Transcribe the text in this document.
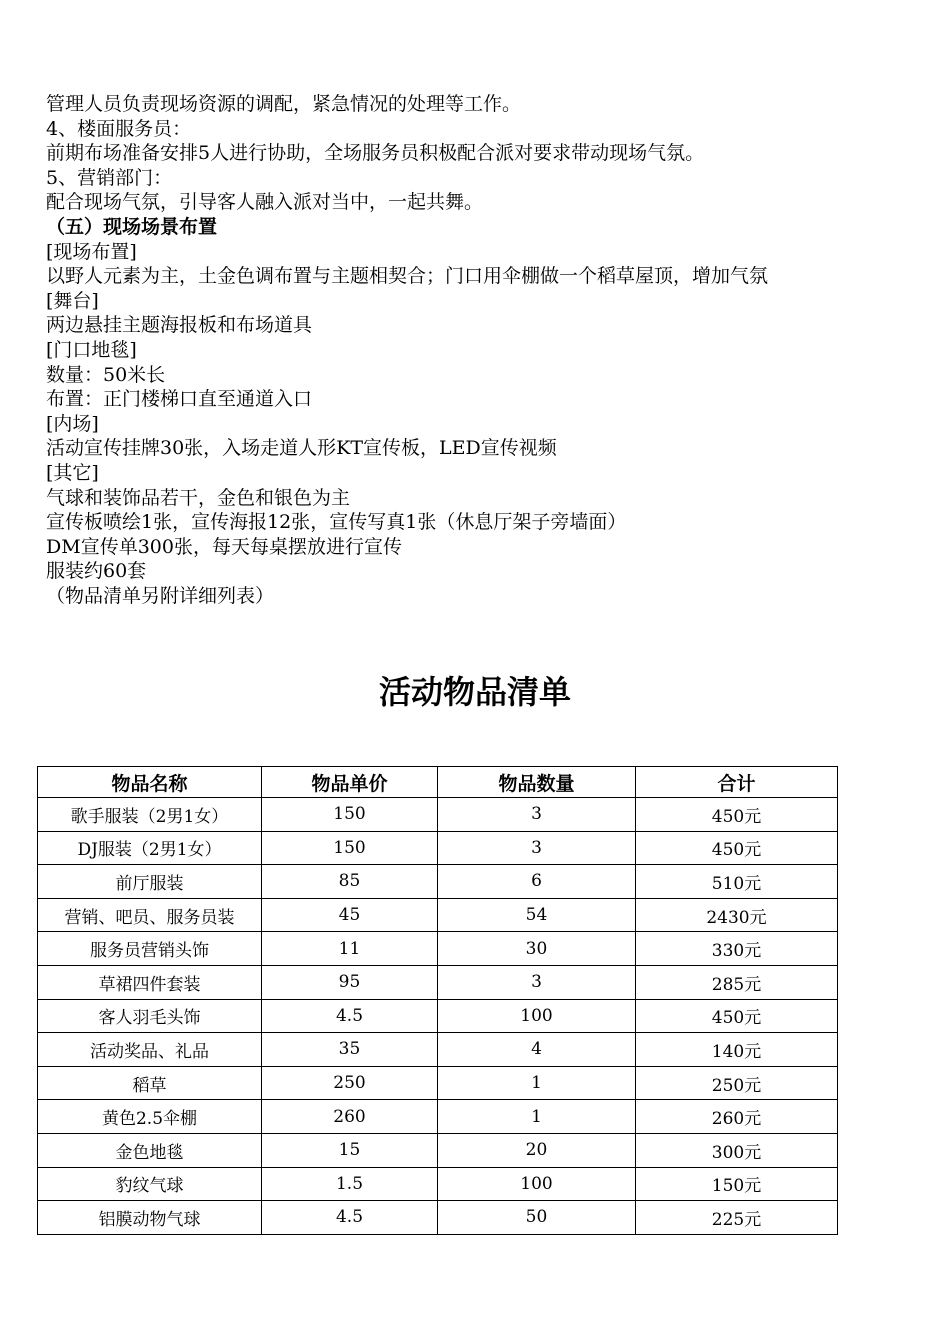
管理人员负责现场资源的调配，紧急情况的处理等工作。
4、楼面服务员：
前期布场准备安排5人进行协助，全场服务员积极配合派对要求带动现场气氛。
5、营销部门：
配合现场气氛，引导客人融入派对当中，一起共舞。
（五）现场场景布置
[现场布置]
以野人元素为主，土金色调布置与主题相契合；门口用伞棚做一个稻草屋顶，增加气氛
[舞台]
两边悬挂主题海报板和布场道具
[门口地毯]
数量：50米长
布置：正门楼梯口直至通道入口
[内场]
活动宣传挂牌30张，入场走道人形KT宣传板，LED宣传视频
[其它]
气球和装饰品若干，金色和银色为主
宣传板喷绘1张，宣传海报12张，宣传写真1张（休息厅架子旁墙面）
DM宣传单300张，每天每桌摆放进行宣传
服装约60套
（物品清单另附详细列表）
活动物品清单
物品名称	物品单价	物品数量	合计
歌手服装（2男1女）	150	3	450元
DJ服装（2男1女）	150	3	450元
前厅服装	85	6	510元
营销、吧员、服务员装	45	54	2430元
服务员营销头饰	11	30	330元
草裙四件套装	95	3	285元
客人羽毛头饰	4.5	100	450元
活动奖品、礼品	35	4	140元
稻草	250	1	250元
黄色2.5伞棚	260	1	260元
金色地毯	15	20	300元
豹纹气球	1.5	100	150元
铝膜动物气球	4.5	50	225元
